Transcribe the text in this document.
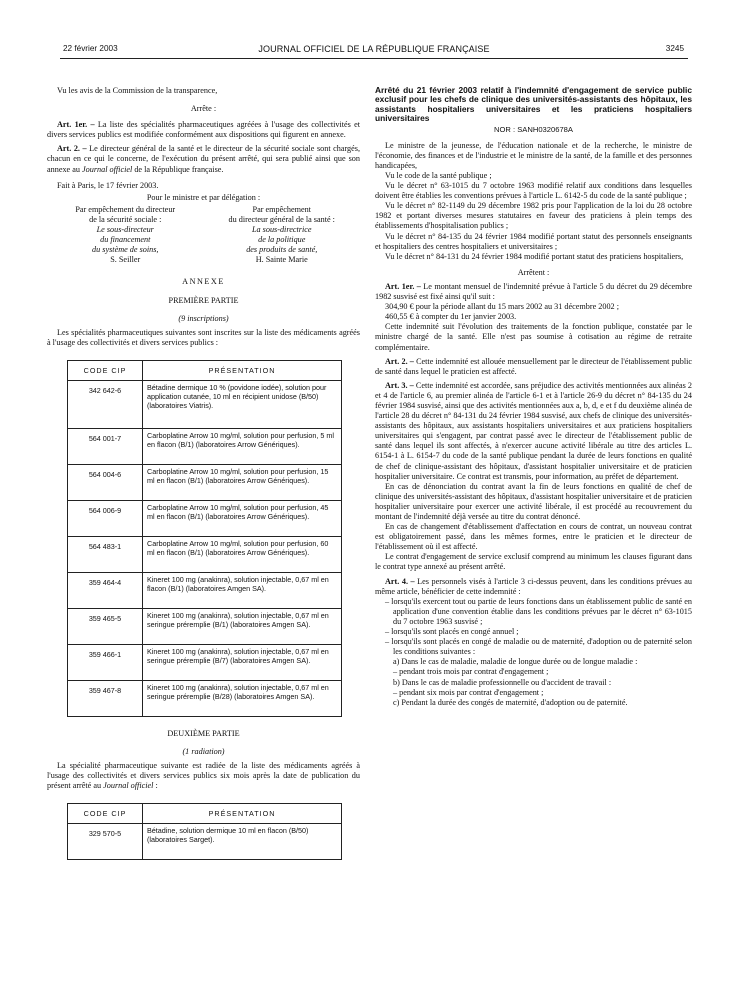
22 février 2003	JOURNAL OFFICIEL DE LA RÉPUBLIQUE FRANÇAISE	3245

Vu les avis de la Commission de la transparence,

Arrête :

Art. 1er. – La liste des spécialités pharmaceutiques agréées à l'usage des collectivités et divers services publics est modifiée conformément aux dispositions qui figurent en annexe.

Art. 2. – Le directeur général de la santé et le directeur de la sécurité sociale sont chargés, chacun en ce qui le concerne, de l'exécution du présent arrêté, qui sera publié ainsi que son annexe au Journal officiel de la République française.

Fait à Paris, le 17 février 2003.

Pour le ministre et par délégation :

Par empêchement du directeur
de la sécurité sociale :
Le sous-directeur
du financement
du système de soins,
S. Seiller
Par empêchement
du directeur général de la santé :
La sous-directrice
de la politique
des produits de santé,
H. Sainte Marie

ANNEXE

PREMIÈRE PARTIE

(9 inscriptions)

Les spécialités pharmaceutiques suivantes sont inscrites sur la liste des médicaments agréés à l'usage des collectivités et divers services publics :

CODE CIP	PRÉSENTATION
342 642-6	Bétadine dermique 10 % (povidone iodée), solution pour application cutanée, 10 ml en récipient unidose (B/50) (laboratoires Viatris).
564 001-7	Carboplatine Arrow 10 mg/ml, solution pour perfusion, 5 ml en flacon (B/1) (laboratoires Arrow Génériques).
564 004-6	Carboplatine Arrow 10 mg/ml, solution pour perfusion, 15 ml en flacon (B/1) (laboratoires Arrow Génériques).
564 006-9	Carboplatine Arrow 10 mg/ml, solution pour perfusion, 45 ml en flacon (B/1) (laboratoires Arrow Génériques).
564 483-1	Carboplatine Arrow 10 mg/ml, solution pour perfusion, 60 ml en flacon (B/1) (laboratoires Arrow Génériques).
359 464-4	Kineret 100 mg (anakinra), solution injectable, 0,67 ml en flacon (B/1) (laboratoires Amgen SA).
359 465-5	Kineret 100 mg (anakinra), solution injectable, 0,67 ml en seringue préremplie (B/1) (laboratoires Amgen SA).
359 466-1	Kineret 100 mg (anakinra), solution injectable, 0,67 ml en seringue préremplie (B/7) (laboratoires Amgen SA).
359 467-8	Kineret 100 mg (anakinra), solution injectable, 0,67 ml en seringue préremplie (B/28) (laboratoires Amgen SA).

DEUXIÈME PARTIE

(1 radiation)

La spécialité pharmaceutique suivante est radiée de la liste des médicaments agréés à l'usage des collectivités et divers services publics six mois après la date de publication du présent arrêté au Journal officiel :

CODE CIP	PRÉSENTATION
329 570-5	Bétadine, solution dermique 10 ml en flacon (B/50) (laboratoires Sarget).

Arrêté du 21 février 2003 relatif à l'indemnité d'engagement de service public exclusif pour les chefs de clinique des universités-assistants des hôpitaux, les assistants hospitaliers universitaires et les praticiens hospitaliers universitaires

NOR : SANH0320678A

Le ministre de la jeunesse, de l'éducation nationale et de la recherche, le ministre de l'économie, des finances et de l'industrie et le ministre de la santé, de la famille et des personnes handicapées,

Vu le code de la santé publique ;

Vu le décret n° 63-1015 du 7 octobre 1963 modifié relatif aux conditions dans lesquelles doivent être établies les conventions prévues à l'article L. 6142-5 du code de la santé publique ;

Vu le décret n° 82-1149 du 29 décembre 1982 pris pour l'application de la loi du 28 octobre 1982 et portant diverses mesures statutaires en faveur des praticiens à plein temps des établissements d'hospitalisation publics ;

Vu le décret n° 84-135 du 24 février 1984 modifié portant statut des personnels enseignants et hospitaliers des centres hospitaliers et universitaires ;

Vu le décret n° 84-131 du 24 février 1984 modifié portant statut des praticiens hospitaliers,

Arrêtent :

Art. 1er. – Le montant mensuel de l'indemnité prévue à l'article 5 du décret du 29 décembre 1982 susvisé est fixé ainsi qu'il suit :

304,90 € pour la période allant du 15 mars 2002 au 31 décembre 2002 ;

460,55 € à compter du 1er janvier 2003.

Cette indemnité suit l'évolution des traitements de la fonction publique, constatée par le ministre chargé de la santé. Elle n'est pas soumise à cotisation au régime de retraite complémentaire.

Art. 2. – Cette indemnité est allouée mensuellement par le directeur de l'établissement public de santé dans lequel le praticien est affecté.

Art. 3. – Cette indemnité est accordée, sans préjudice des activités mentionnées aux alinéas 2 et 4 de l'article 6, au premier alinéa de l'article 6-1 et à l'article 26-9 du décret n° 84-135 du 24 février 1984 susvisé, ainsi que des activités mentionnées aux a, b, d, e et f du deuxième alinéa de l'article 28 du décret n° 84-131 du 24 février 1984 susvisé, aux chefs de clinique des universités-assistants des hôpitaux, aux assistants hospitaliers universitaires et aux praticiens hospitaliers universitaires qui s'engagent, par contrat passé avec le directeur de l'établissement public de santé dans lequel ils sont affectés, à n'exercer aucune activité libérale au titre des articles L. 6154-1 à L. 6154-7 du code de la santé publique pendant la durée de leurs fonctions en qualité de chef de clinique-assistant des hôpitaux, d'assistant hospitalier universitaire et de praticien hospitalier universitaire. Ce contrat est transmis, pour information, au préfet de département.

En cas de dénonciation du contrat avant la fin de leurs fonctions en qualité de chef de clinique des universités-assistant des hôpitaux, d'assistant hospitalier universitaire et de praticien hospitalier universitaire pour exercer une activité libérale, il est procédé au recouvrement du montant de l'indemnité déjà versée au titre du contrat dénoncé.

En cas de changement d'établissement d'affectation en cours de contrat, un nouveau contrat est obligatoirement passé, dans les mêmes formes, entre le praticien et le directeur de l'établissement où il est affecté.

Le contrat d'engagement de service exclusif comprend au minimum les clauses figurant dans le contrat type annexé au présent arrêté.

Art. 4. – Les personnels visés à l'article 3 ci-dessus peuvent, dans les conditions prévues au même article, bénéficier de cette indemnité :

– lorsqu'ils exercent tout ou partie de leurs fonctions dans un établissement public de santé en application d'une convention établie dans les conditions prévues par le décret n° 63-1015 du 7 octobre 1963 susvisé ;
– lorsqu'ils sont placés en congé annuel ;
– lorsqu'ils sont placés en congé de maladie ou de maternité, d'adoption ou de paternité selon les conditions suivantes :

a) Dans le cas de maladie, maladie de longue durée ou de longue maladie :

– pendant trois mois par contrat d'engagement ;

b) Dans le cas de maladie professionnelle ou d'accident de travail :

– pendant six mois par contrat d'engagement ;

c) Pendant la durée des congés de maternité, d'adoption ou de paternité.
